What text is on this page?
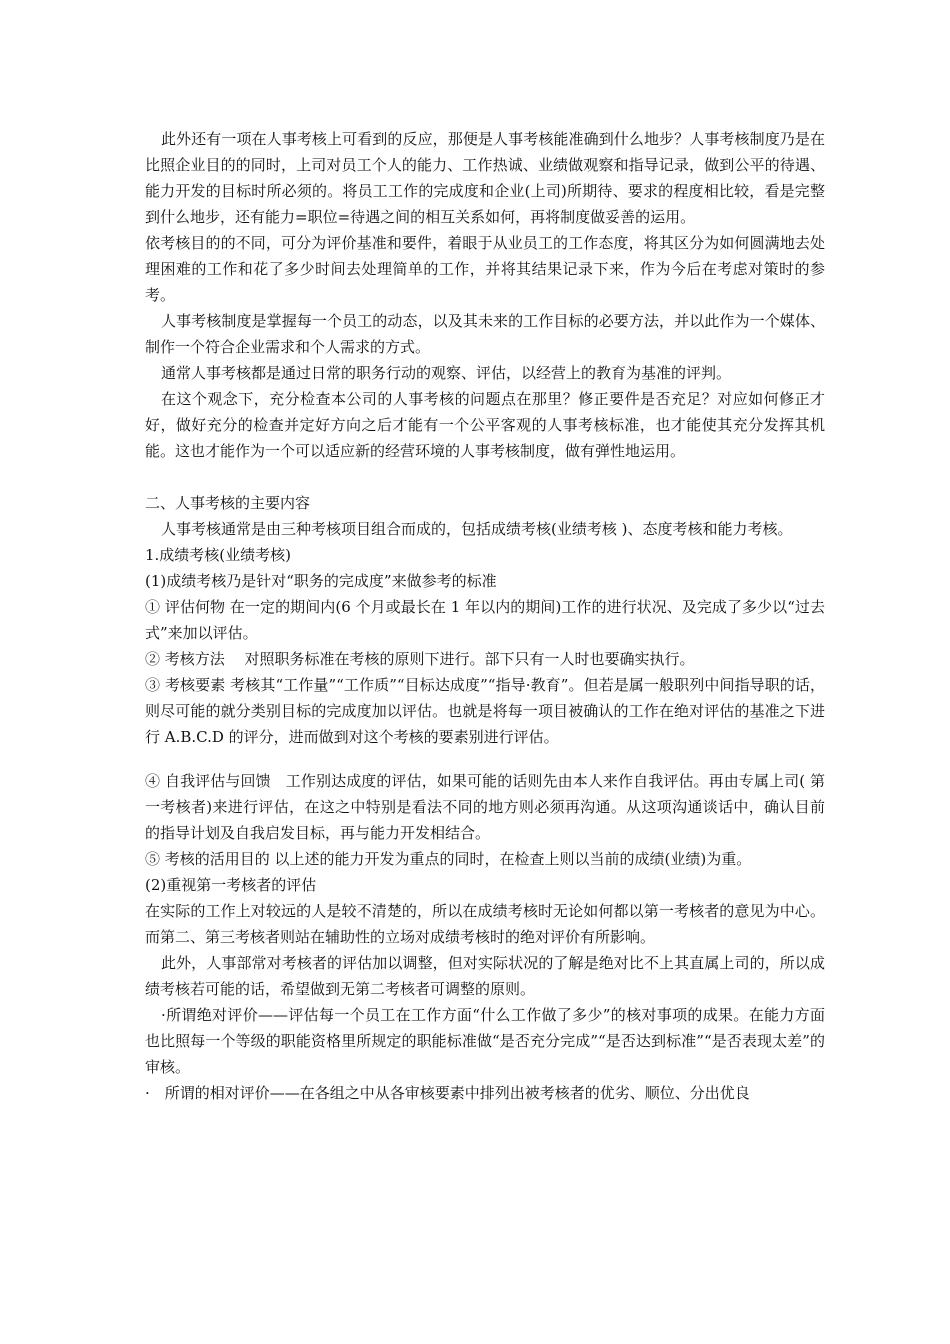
此外还有一项在人事考核上可看到的反应，那便是人事考核能准确到什么地步？人事考核制度乃是在比照企业目的的同时，上司对员工个人的能力、工作热诚、业绩做观察和指导记录，做到公平的待遇、能力开发的目标时所必须的。将员工工作的完成度和企业(上司)所期待、要求的程度相比较，看是完整到什么地步，还有能力=职位=待遇之间的相互关系如何，再将制度做妥善的运用。

依考核目的的不同，可分为评价基准和要件，着眼于从业员工的工作态度，将其区分为如何圆满地去处理困难的工作和花了多少时间去处理简单的工作，并将其结果记录下来，作为今后在考虑对策时的参考。

人事考核制度是掌握每一个员工的动态，以及其未来的工作目标的必要方法，并以此作为一个媒体、制作一个符合企业需求和个人需求的方式。

通常人事考核都是通过日常的职务行动的观察、评估，以经营上的教育为基准的评判。

在这个观念下，充分检查本公司的人事考核的问题点在那里？修正要件是否充足？对应如何修正才好，做好充分的检查并定好方向之后才能有一个公平客观的人事考核标准，也才能使其充分发挥其机能。这也才能作为一个可以适应新的经营环境的人事考核制度，做有弹性地运用。

二、人事考核的主要内容

人事考核通常是由三种考核项目组合而成的，包括成绩考核(业绩考核 )、态度考核和能力考核。

1.成绩考核(业绩考核)

(1)成绩考核乃是针对“职务的完成度”来做参考的标准

① 评估何物 在一定的期间内(6 个月或最长在 1 年以内的期间)工作的进行状况、及完成了多少以“过去式”来加以评估。

② 考核方法　 对照职务标准在考核的原则下进行。部下只有一人时也要确实执行。

③ 考核要素 考核其“工作量”“工作质”“目标达成度”“指导·教育”。但若是属一般职列中间指导职的话，则尽可能的就分类别目标的完成度加以评估。也就是将每一项目被确认的工作在绝对评估的基准之下进行 A.B.C.D 的评分，进而做到对这个考核的要素别进行评估。

④ 自我评估与回馈　工作别达成度的评估，如果可能的话则先由本人来作自我评估。再由专属上司( 第一考核者)来进行评估，在这之中特别是看法不同的地方则必须再沟通。从这项沟通谈话中，确认目前的指导计划及自我启发目标，再与能力开发相结合。

⑤ 考核的活用目的 以上述的能力开发为重点的同时，在检查上则以当前的成绩(业绩)为重。

(2)重视第一考核者的评估

在实际的工作上对较远的人是较不清楚的，所以在成绩考核时无论如何都以第一考核者的意见为中心。而第二、第三考核者则站在辅助性的立场对成绩考核时的绝对评价有所影响。

此外，人事部常对考核者的评估加以调整，但对实际状况的了解是绝对比不上其直属上司的，所以成绩考核若可能的话，希望做到无第二考核者可调整的原则。

·所谓绝对评价——评估每一个员工在工作方面“什么工作做了多少”的核对事项的成果。在能力方面也比照每一个等级的职能资格里所规定的职能标准做“是否充分完成”“是否达到标准”“是否表现太差”的审核。

·　所谓的相对评价——在各组之中从各审核要素中排列出被考核者的优劣、顺位、分出优良
